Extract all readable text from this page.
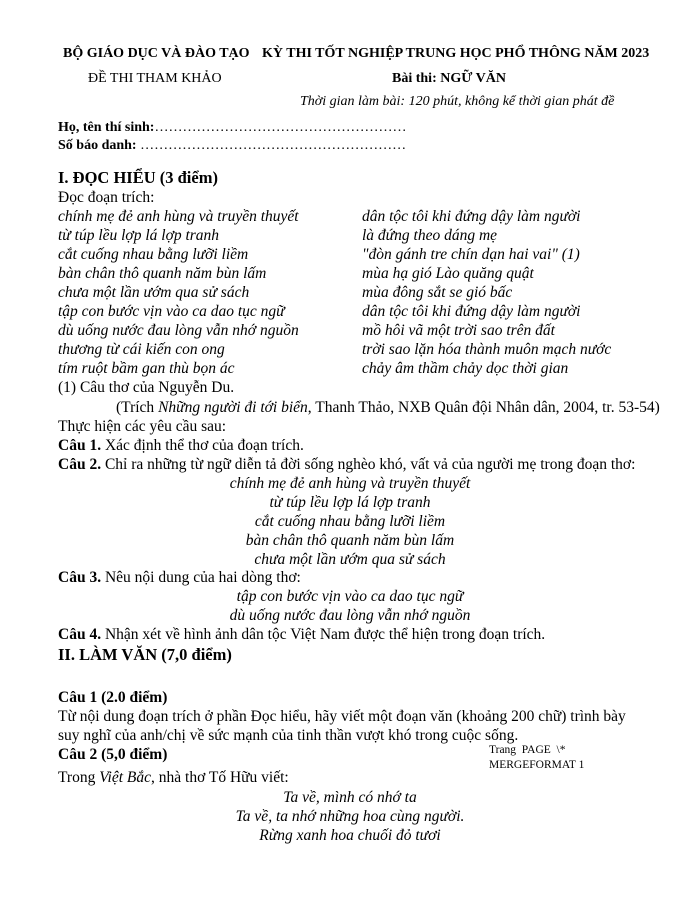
BỘ GIÁO DỤC VÀ ĐÀO TẠO KỲ THI TỐT NGHIỆP TRUNG HỌC PHỔ THÔNG NĂM 2023
ĐỀ THI THAM KHẢO	Bài thi: NGỮ VĂN
Thời gian làm bài: 120 phút, không kể thời gian phát đề
Họ, tên thí sinh:………………………………………………
Số báo danh: …………………………………………………
I. ĐỌC HIỂU (3 điểm)
Đọc đoạn trích:
chính mẹ đẻ anh hùng và truyền thuyết
từ túp lều lợp lá lợp tranh
cắt cuống nhau bằng lưỡi liềm
bàn chân thô quanh năm bùn lấm
chưa một lần ướm qua sử sách
tập con bước vịn vào ca dao tục ngữ
dù uống nước đau lòng vẫn nhớ nguồn
thương từ cái kiến con ong
tím ruột bầm gan thù bọn ác
dân tộc tôi khi đứng dậy làm người
là đứng theo dáng mẹ
"đòn gánh tre chín dạn hai vai" (1)
mùa hạ gió Lào quăng quật
mùa đông sắt se gió bấc
dân tộc tôi khi đứng dậy làm người
mồ hôi vã một trời sao trên đất
trời sao lặn hóa thành muôn mạch nước
chảy âm thầm chảy dọc thời gian
(1) Câu thơ của Nguyễn Du.
(Trích Những người đi tới biển, Thanh Thảo, NXB Quân đội Nhân dân, 2004, tr. 53-54)
Thực hiện các yêu cầu sau:
Câu 1. Xác định thể thơ của đoạn trích.
Câu 2. Chỉ ra những từ ngữ diễn tả đời sống nghèo khó, vất vả của người mẹ trong đoạn thơ:
chính mẹ đẻ anh hùng và truyền thuyết
từ túp lều lợp lá lợp tranh
cắt cuống nhau bằng lưỡi liềm
bàn chân thô quanh năm bùn lấm
chưa một lần ướm qua sử sách
Câu 3. Nêu nội dung của hai dòng thơ:
tập con bước vịn vào ca dao tục ngữ
dù uống nước đau lòng vẫn nhớ nguồn
Câu 4. Nhận xét về hình ảnh dân tộc Việt Nam được thể hiện trong đoạn trích.
II. LÀM VĂN (7,0 điểm)
Câu 1 (2.0 điểm)
Từ nội dung đoạn trích ở phần Đọc hiểu, hãy viết một đoạn văn (khoảng 200 chữ) trình bày
suy nghĩ của anh/chị về sức mạnh của tinh thần vượt khó trong cuộc sống.
Câu 2 (5,0 điểm)	Trang  PAGE  \*
MERGEFORMAT 1
Trong Việt Bắc, nhà thơ Tố Hữu viết:
Ta về, mình có nhớ ta
Ta về, ta nhớ những hoa cùng người.
Rừng xanh hoa chuối đỏ tươi
